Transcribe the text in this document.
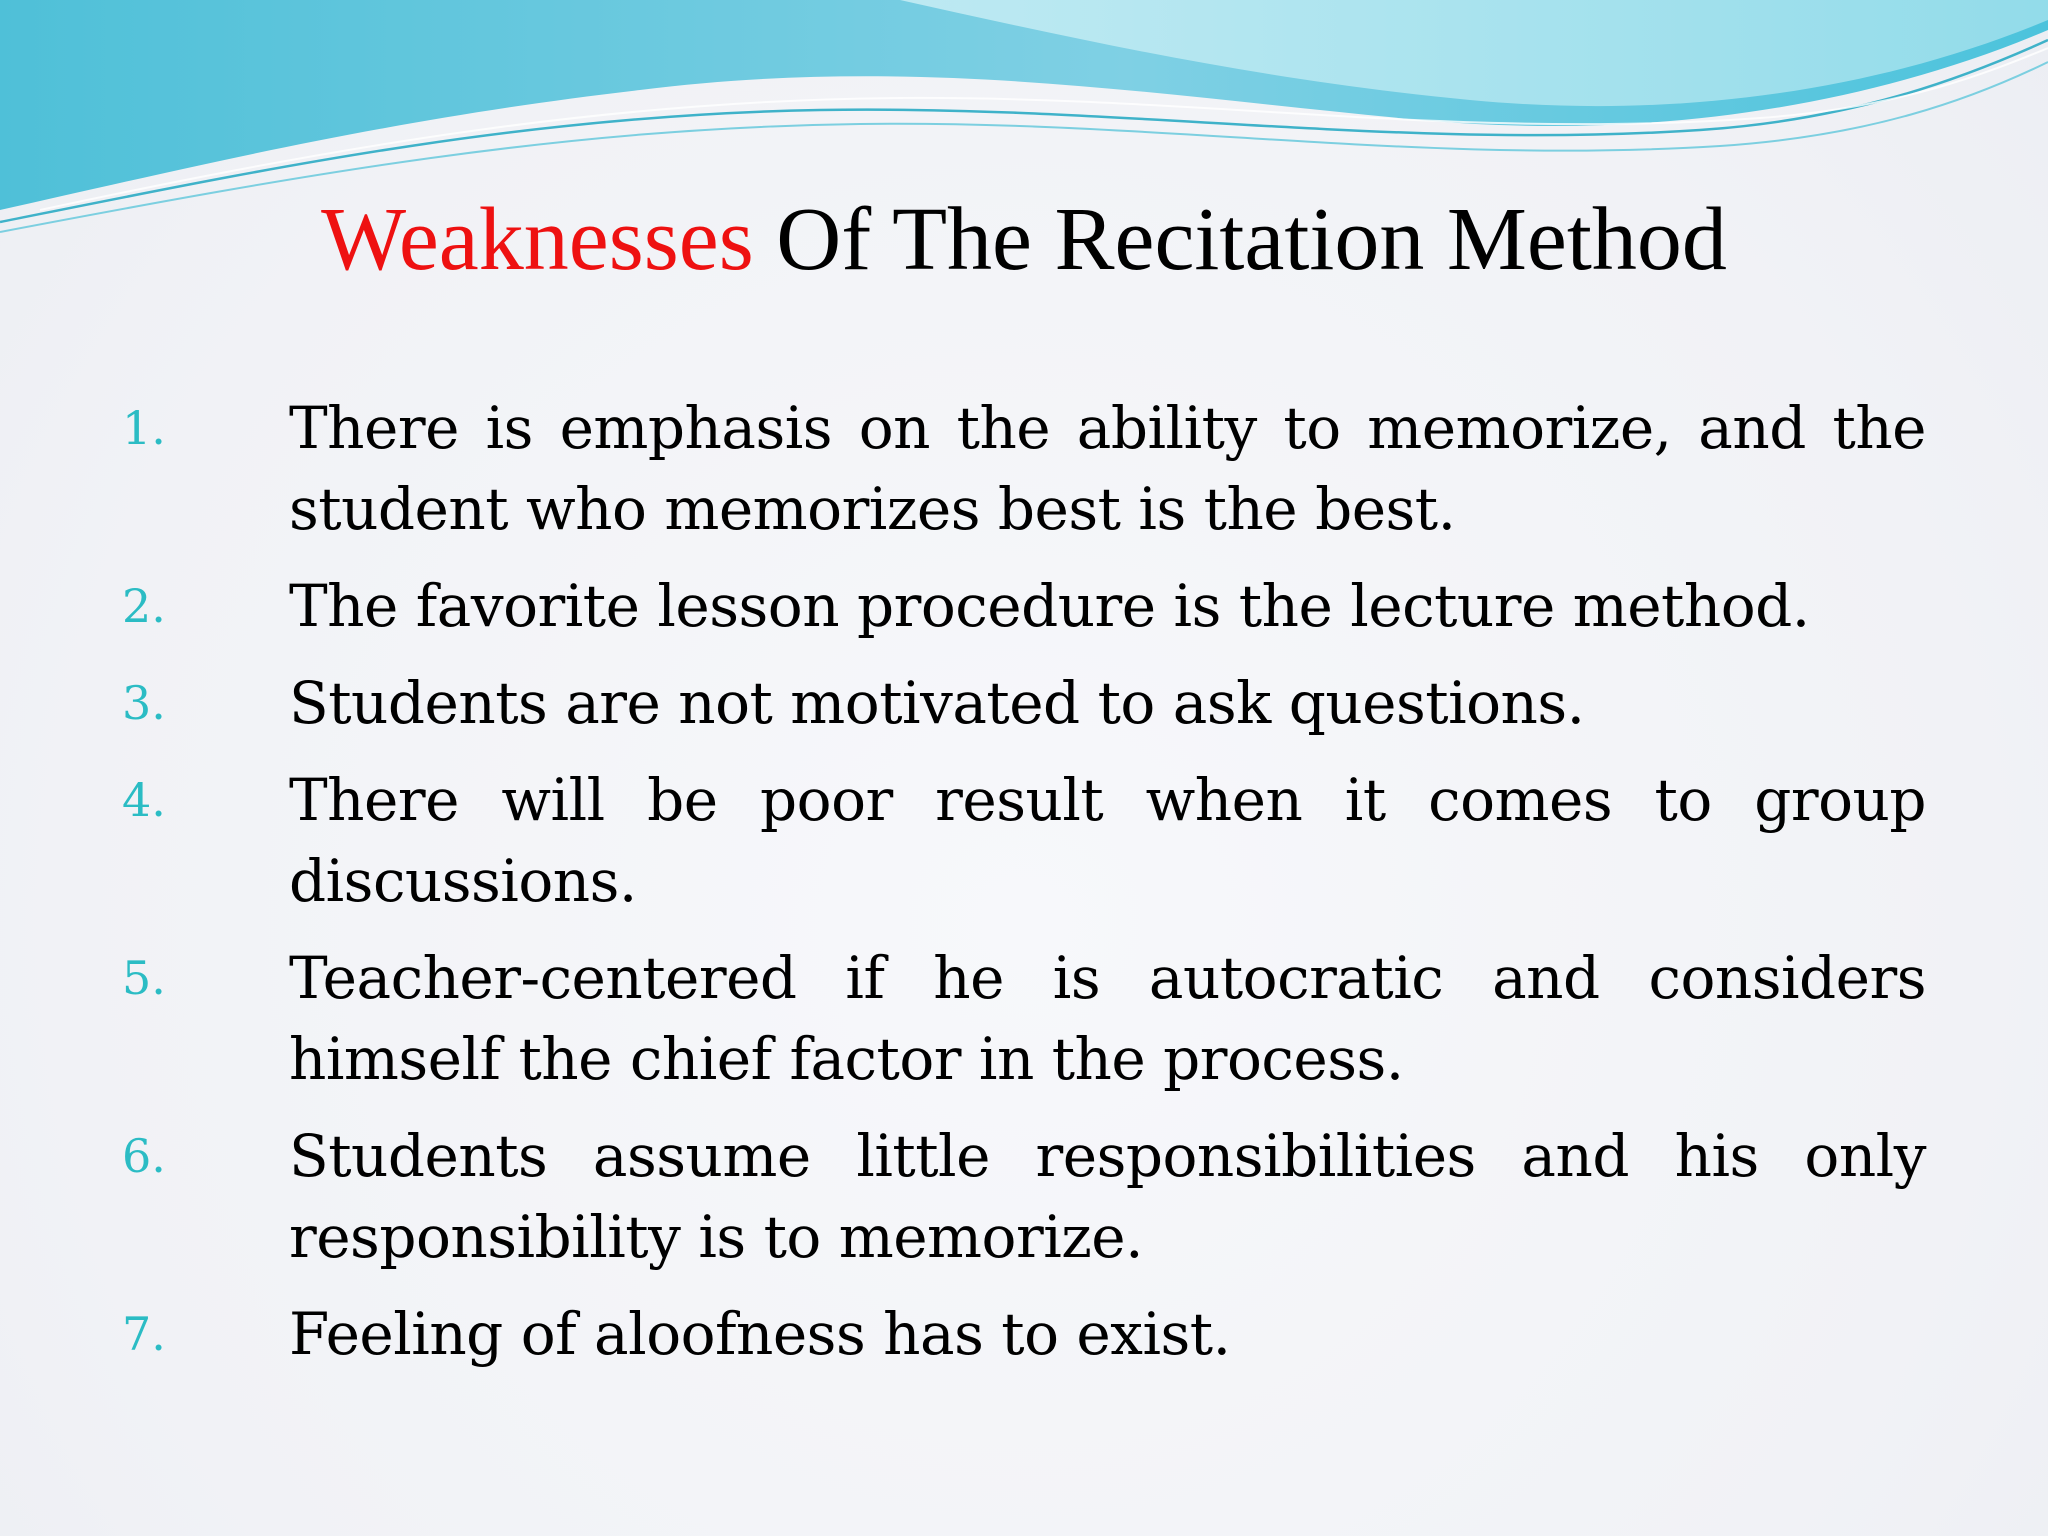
Weaknesses Of The Recitation Method
1. There is emphasis on the ability to memorize, and the student who memorizes best is the best.
2. The favorite lesson procedure is the lecture method.
3. Students are not motivated to ask questions.
4. There will be poor result when it comes to group discussions.
5. Teacher-centered if he is autocratic and considers himself the chief factor in the process.
6. Students assume little responsibilities and his only responsibility is to memorize.
7. Feeling of aloofness has to exist.
